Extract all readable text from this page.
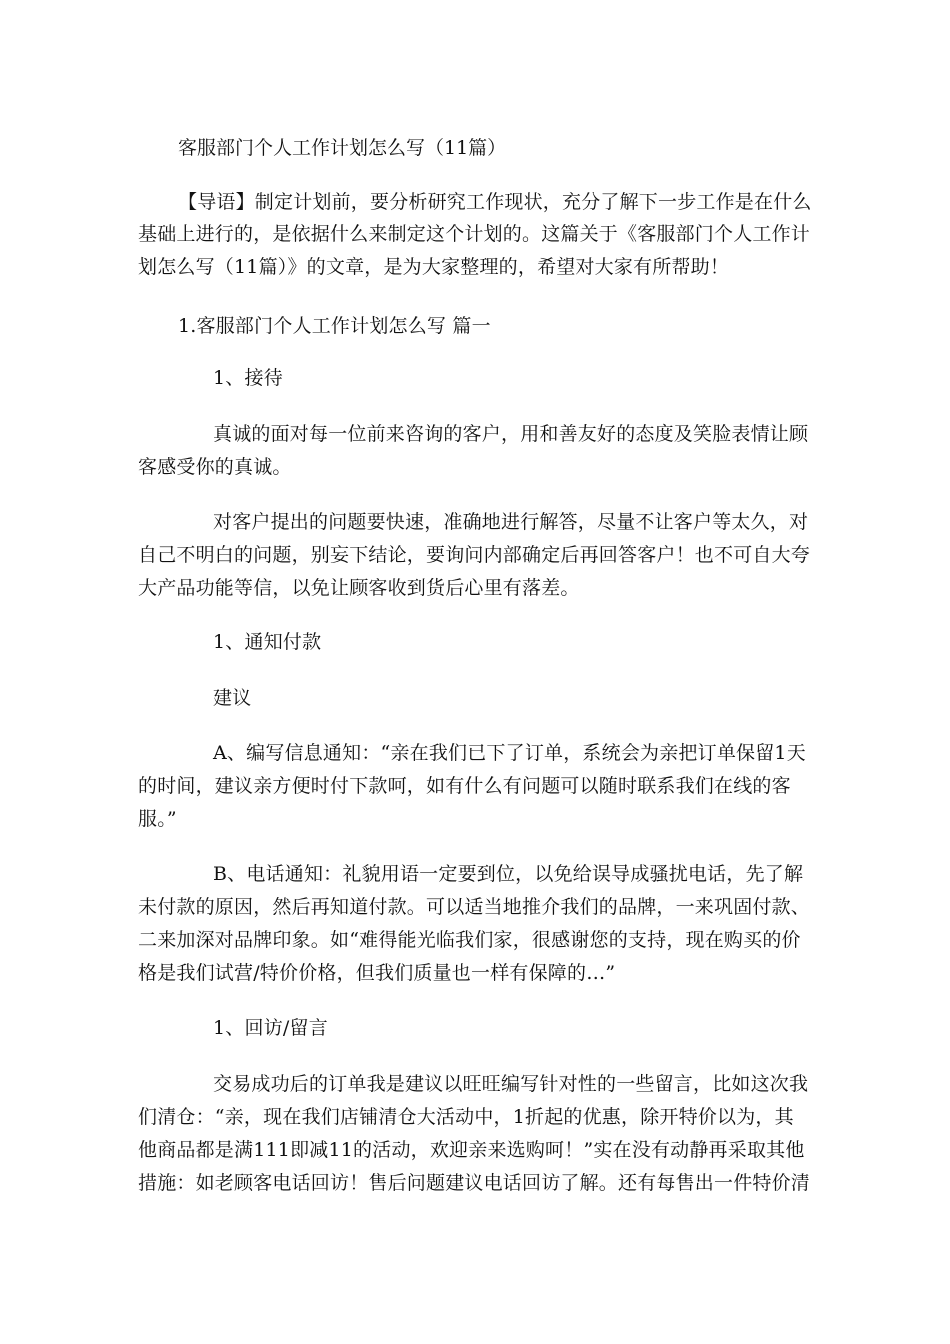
客服部门个人工作计划怎么写（11篇）
【导语】制定计划前，要分析研究工作现状，充分了解下一步工作是在什么
基础上进行的，是依据什么来制定这个计划的。这篇关于《客服部门个人工作计
划怎么写（11篇）》的文章，是为大家整理的，希望对大家有所帮助！
1.客服部门个人工作计划怎么写 篇一
1、接待
真诚的面对每一位前来咨询的客户，用和善友好的态度及笑脸表情让顾
客感受你的真诚。
对客户提出的问题要快速，准确地进行解答，尽量不让客户等太久，对
自己不明白的问题，别妄下结论，要询问内部确定后再回答客户！也不可自大夸
大产品功能等信，以免让顾客收到货后心里有落差。
1、通知付款
建议
A、编写信息通知：“亲在我们已下了订单，系统会为亲把订单保留1天
的时间，建议亲方便时付下款呵，如有什么有问题可以随时联系我们在线的客
服。”
B、电话通知：礼貌用语一定要到位，以免给误导成骚扰电话，先了解
未付款的原因，然后再知道付款。可以适当地推介我们的品牌，一来巩固付款、
二来加深对品牌印象。如“难得能光临我们家，很感谢您的支持，现在购买的价
格是我们试营/特价价格，但我们质量也一样有保障的…”
1、回访/留言
交易成功后的订单我是建议以旺旺编写针对性的一些留言，比如这次我
们清仓：“亲，现在我们店铺清仓大活动中，1折起的优惠，除开特价以为，其
他商品都是满111即减11的活动，欢迎亲来选购呵！”实在没有动静再采取其他
措施：如老顾客电话回访！售后问题建议电话回访了解。还有每售出一件特价清
